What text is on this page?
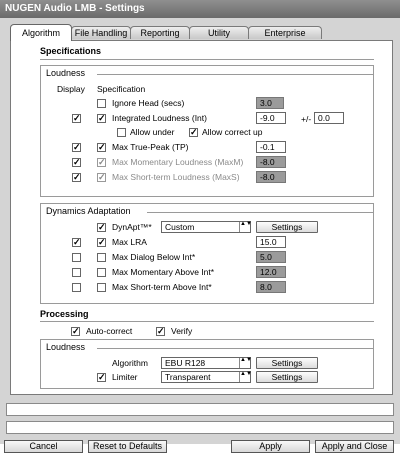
NUGEN Audio LMB - Settings
Algorithm	File Handling	Reporting	Utility	Enterprise
Specifications
Loudness
Display Specification
Ignore Head (secs)	3.0
✓ ✓ Integrated Loudness (Int)	-9.0	+/- 0.0
Allow under ✓ Allow correct up
✓ ✓ Max True-Peak (TP)	-0.1
✓ ✓ Max Momentary Loudness (MaxM)	-8.0
✓ ✓ Max Short-term Loudness (MaxS)	-8.0
Dynamics Adaptation
✓ DynApt™*	Custom	▲▼	Settings
✓ ✓ Max LRA	15.0
Max Dialog Below Int*	5.0
Max Momentary Above Int*	12.0
Max Short-term Above Int*	8.0
Processing
✓ Auto-correct	✓ Verify
Loudness
Algorithm	EBU R128	▲▼	Settings
✓ Limiter	Transparent	▲▼	Settings
Cancel	Reset to Defaults	Apply	Apply and Close
